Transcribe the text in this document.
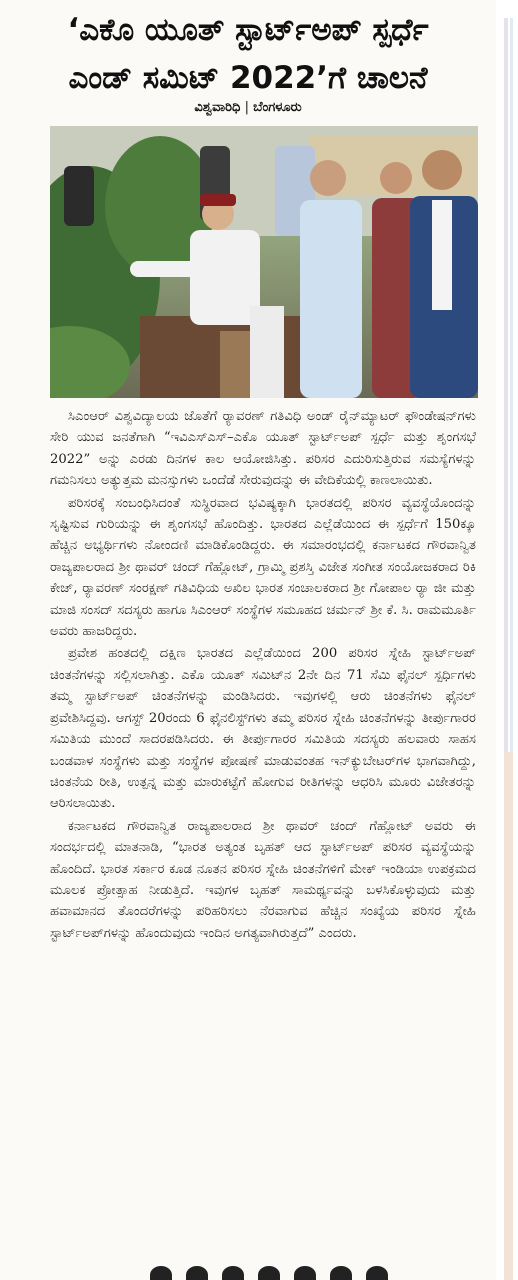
‘ಎಕೊ ಯೂತ್ ಸ್ಟಾರ್ಟ್‌ಅಪ್ ಸ್ಪರ್ಧೆ
ಎಂಡ್ ಸಮಿಟ್ 2022’ಗೆ ಚಾಲನೆ
ವಿಶ್ವವಾರಿಧಿ | ಬೆಂಗಳೂರು

ಸಿಎಂಆರ್ ವಿಶ್ವವಿದ್ಯಾಲಯ ಜೊತೆಗೆ ರ್‍ಯಾವರಣ್ ಗತಿವಿಧಿ ಅಂಡ್ ರೈನ್‌ಮ್ಯಾಟರ್ ಫೌಂಡೇಷನ್‌ಗಳು ಸೇರಿ ಯುವ ಜನತೆಗಾಗಿ “ಇವಿಎಸ್‌ಎಸ್–ಎಕೊ ಯೂತ್ ಸ್ಟಾರ್ಟ್‌ಅಪ್ ಸ್ಪರ್ಧೆ ಮತ್ತು ಶೃಂಗಸಭೆ 2022” ಅನ್ನು ಎರಡು ದಿನಗಳ ಕಾಲ ಆಯೋಜಿಸಿತ್ತು. ಪರಿಸರ ಎದುರಿಸುತ್ತಿರುವ ಸಮಸ್ಯೆಗಳನ್ನು ಗಮನಿಸಲು ಅತ್ಯುತ್ತಮ ಮನಸ್ಸುಗಳು ಒಂದೆಡೆ ಸೇರುವುದನ್ನು ಈ ವೇದಿಕೆಯಲ್ಲಿ ಕಾಣಲಾಯಿತು.

ಪರಿಸರಕ್ಕೆ ಸಂಬಂಧಿಸಿದಂತೆ ಸುಸ್ಥಿರವಾದ ಭವಿಷ್ಯಕ್ಕಾಗಿ ಭಾರತದಲ್ಲಿ ಪರಿಸರ ವ್ಯವಸ್ಥೆಯೊಂದನ್ನು ಸೃಷ್ಟಿಸುವ ಗುರಿಯನ್ನು ಈ ಶೃಂಗಸಭೆ ಹೊಂದಿತ್ತು. ಭಾರತದ ಎಲ್ಲೆಡೆಯಿಂದ ಈ ಸ್ಪರ್ಧೆಗೆ 150ಕ್ಕೂ ಹೆಚ್ಚಿನ ಅಭ್ಯರ್ಥಿಗಳು ನೋಂದಣಿ ಮಾಡಿಕೊಂಡಿದ್ದರು. ಈ ಸಮಾರಂಭದಲ್ಲಿ ಕರ್ನಾಟಕದ ಗೌರವಾನ್ವಿತ ರಾಜ್ಯಪಾಲರಾದ ಶ್ರೀ ಥಾವರ್ ಚಂದ್ ಗೆಹ್ಲೋಟ್, ಗ್ರಾಮ್ಮಿ ಪ್ರಶಸ್ತಿ ವಿಜೇತ ಸಂಗೀತ ಸಂಯೋಜಕರಾದ ರಿಕಿ ಕೇಜ್, ರ್‍ಯಾವರಣ್ ಸಂರಕ್ಷಣ್ ಗತಿವಿಧಿಯ ಅಖಿಲ ಭಾರತ ಸಂಚಾಲಕರಾದ ಶ್ರೀ ಗೋಪಾಲ ರ್‍ಯಾ ಜೀ ಮತ್ತು ಮಾಜಿ ಸಂಸದ್ ಸದಸ್ಯರು ಹಾಗೂ ಸಿಎಂಆರ್ ಸಂಸ್ಥೆಗಳ ಸಮೂಹದ ಚರ್ಮನ್ ಶ್ರೀ ಕೆ. ಸಿ. ರಾಮಮೂರ್ತಿ ಅವರು ಹಾಜರಿದ್ದರು.

ಪ್ರವೇಶ ಹಂತದಲ್ಲಿ ದಕ್ಷಿಣ ಭಾರತದ ಎಲ್ಲೆಡೆಯಿಂದ 200 ಪರಿಸರ ಸ್ನೇಹಿ ಸ್ಟಾರ್ಟ್‌ಅಪ್ ಚಿಂತನೆಗಳನ್ನು ಸಲ್ಲಿಸಲಾಗಿತ್ತು. ಎಕೊ ಯೂತ್ ಸಮಿಟ್‌ನ 2ನೇ ದಿನ 71 ಸೆಮಿ ಫೈನಲ್ ಸ್ಪರ್ಧಿಗಳು ತಮ್ಮ ಸ್ಟಾರ್ಟ್‌ಅಪ್ ಚಿಂತನೆಗಳನ್ನು ಮಂಡಿಸಿದರು. ಇವುಗಳಲ್ಲಿ ಆರು ಚಿಂತನೆಗಳು ಫೈನಲ್ ಪ್ರವೇಶಿಸಿದ್ದವು. ಆಗಸ್ಟ್ 20ರಂದು 6 ಫೈನಲಿಸ್ಟ್‌ಗಳು ತಮ್ಮ ಪರಿಸರ ಸ್ನೇಹಿ ಚಿಂತನೆಗಳನ್ನು ತೀರ್ಪುಗಾರರ ಸಮಿತಿಯ ಮುಂದೆ ಸಾದರಪಡಿಸಿದರು. ಈ ತೀರ್ಪುಗಾರರ ಸಮಿತಿಯ ಸದಸ್ಯರು ಹಲವಾರು ಸಾಹಸ ಬಂಡವಾಳ ಸಂಸ್ಥೆಗಳು ಮತ್ತು ಸಂಸ್ಥೆಗಳ ಪೋಷಣೆ ಮಾಡುವಂತಹ ಇನ್‌ಕ್ಯುಬೇಟರ್‌ಗಳ ಭಾಗವಾಗಿದ್ದು, ಚಿಂತನೆಯ ರೀತಿ, ಉತ್ಪನ್ನ ಮತ್ತು ಮಾರುಕಟ್ಟೆಗೆ ಹೋಗುವ ರೀತಿಗಳನ್ನು ಆಧರಿಸಿ ಮೂರು ವಿಜೇತರನ್ನು ಆರಿಸಲಾಯಿತು.

ಕರ್ನಾಟಕದ ಗೌರವಾನ್ವಿತ ರಾಜ್ಯಪಾಲರಾದ ಶ್ರೀ ಥಾವರ್ ಚಂದ್ ಗೆಹ್ಲೋಟ್ ಅವರು ಈ ಸಂದರ್ಭದಲ್ಲಿ ಮಾತನಾಡಿ, “ಭಾರತ ಅತ್ಯಂತ ಬೃಹತ್ ಆದ ಸ್ಟಾರ್ಟ್‌ಅಪ್ ಪರಿಸರ ವ್ಯವಸ್ಥೆಯನ್ನು ಹೊಂದಿದೆ. ಭಾರತ ಸರ್ಕಾರ ಕೂಡ ನೂತನ ಪರಿಸರ ಸ್ನೇಹಿ ಚಿಂತನೆಗಳಿಗೆ ಮೇಕ್ ಇಂಡಿಯಾ ಉಪಕ್ರಮದ ಮೂಲಕ ಪ್ರೋತ್ಸಾಹ ನೀಡುತ್ತಿದೆ. ಇವುಗಳ ಬೃಹತ್ ಸಾಮರ್ಥ್ಯವನ್ನು ಬಳಸಿಕೊಳ್ಳುವುದು ಮತ್ತು ಹವಾಮಾನದ ತೊಂದರೆಗಳನ್ನು ಪರಿಹರಿಸಲು ನೆರವಾಗುವ ಹೆಚ್ಚಿನ ಸಂಖ್ಯೆಯ ಪರಿಸರ ಸ್ನೇಹಿ ಸ್ಟಾರ್ಟ್‌ಅಪ್‌ಗಳನ್ನು ಹೊಂದುವುದು ಇಂದಿನ ಅಗತ್ಯವಾಗಿರುತ್ತದೆ” ಎಂದರು.
